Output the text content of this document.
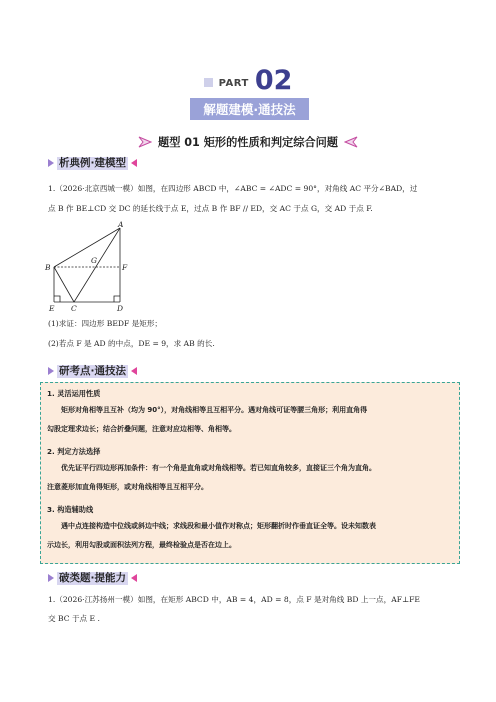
PART 02
解题建模·通技法
题型 01 矩形的性质和判定综合问题
析典例·建模型
1.（2026·北京西城一模）如图，在四边形 ABCD 中，∠ABC = ∠ADC = 90°，对角线 AC 平分∠BAD，过
点 B 作 BE⊥CD 交 DC 的延长线于点 E，过点 B 作 BF // ED，交 AC 于点 G，交 AD 于点 F.
A
B
G
F
E C	D
(1)求证：四边形 BEDF 是矩形；
(2)若点 F 是 AD 的中点，DE = 9，求 AB 的长.
研考点·通技法
1. 灵活运用性质
矩形对角相等且互补（均为 90°），对角线相等且互相平分。遇对角线可证等腰三角形；利用直角得
勾股定理求边长；结合折叠问题，注意对应边相等、角相等。
2. 判定方法选择
优先证平行四边形再加条件：有一个角是直角或对角线相等。若已知直角较多，直接证三个角为直角。
注意菱形加直角得矩形，或对角线相等且互相平分。
3. 构造辅助线
遇中点连接构造中位线或斜边中线；求线段和最小值作对称点；矩形翻折时作垂直证全等。设未知数表
示边长，利用勾股或面积法列方程，最终检验点是否在边上。
破类题·提能力
1.（2026·江苏扬州一模）如图，在矩形 ABCD 中，AB = 4，AD = 8，点 F 是对角线 BD 上一点，AF⊥FE
交 BC 于点 E .
